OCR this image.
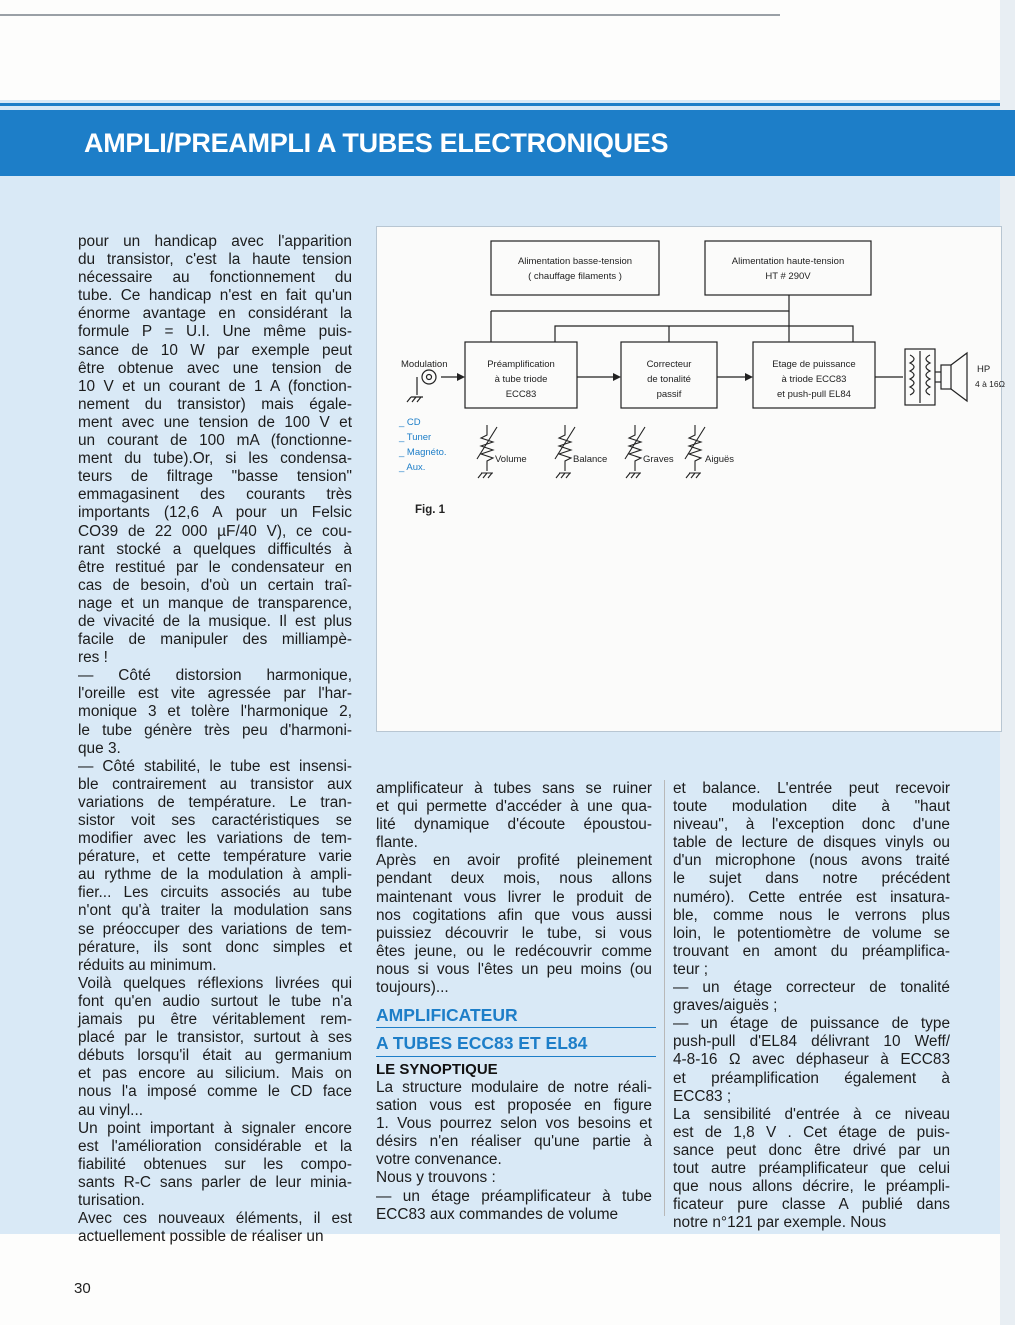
AMPLI/PREAMPLI A TUBES ELECTRONIQUES
pour un handicap avec l'apparition
du transistor, c'est la haute tension
nécessaire au fonctionnement du
tube. Ce handicap n'est en fait qu'un
énorme avantage en considérant la
formule P = U.I. Une même puis-
sance de 10 W par exemple peut
être obtenue avec une tension de
10 V et un courant de 1 A (fonction-
nement du transistor) mais égale-
ment avec une tension de 100 V et
un courant de 100 mA (fonctionne-
ment du tube).Or, si les condensa-
teurs de filtrage "basse tension"
emmagasinent des courants très
importants (12,6 A pour un Felsic
CO39 de 22 000 µF/40 V), ce cou-
rant stocké a quelques difficultés à
être restitué par le condensateur en
cas de besoin, d'où un certain traî-
nage et un manque de transparence,
de vivacité de la musique. Il est plus
facile de manipuler des milliampè-
res !
— Côté distorsion harmonique,
l'oreille est vite agressée par l'har-
monique 3 et tolère l'harmonique 2,
le tube génère très peu d'harmoni-
que 3.
— Côté stabilité, le tube est insensi-
ble contrairement au transistor aux
variations de température. Le tran-
sistor voit ses caractéristiques se
modifier avec les variations de tem-
pérature, et cette température varie
au rythme de la modulation à ampli-
fier... Les circuits associés au tube
n'ont qu'à traiter la modulation sans
se préoccuper des variations de tem-
pérature, ils sont donc simples et
réduits au minimum.
Voilà quelques réflexions livrées qui
font qu'en audio surtout le tube n'a
jamais pu être véritablement rem-
placé par le transistor, surtout à ses
débuts lorsqu'il était au germanium
et pas encore au silicium. Mais on
nous l'a imposé comme le CD face
au vinyl...
Un point important à signaler encore
est l'amélioration considérable et la
fiabilité obtenues sur les compo-
sants R-C sans parler de leur minia-
turisation.
Avec ces nouveaux éléments, il est
actuellement possible de réaliser un
amplificateur à tubes sans se ruiner
et qui permette d'accéder à une qua-
lité dynamique d'écoute époustou-
flante.
Après en avoir profité pleinement
pendant deux mois, nous allons
maintenant vous livrer le produit de
nos cogitations afin que vous aussi
puissiez découvrir le tube, si vous
êtes jeune, ou le redécouvrir comme
nous si vous l'êtes un peu moins (ou
toujours)...
La structure modulaire de notre réali-
sation vous est proposée en figure
1. Vous pourrez selon vos besoins et
désirs n'en réaliser qu'une partie à
votre convenance.
Nous y trouvons :
— un étage préamplificateur à tube
ECC83 aux commandes de volume
et balance. L'entrée peut recevoir
toute modulation dite à "haut
niveau", à l'exception donc d'une
table de lecture de disques vinyls ou
d'un microphone (nous avons traité
le sujet dans notre précédent
numéro). Cette entrée est insatura-
ble, comme nous le verrons plus
loin, le potentiomètre de volume se
trouvant en amont du préamplifica-
teur ;
— un étage correcteur de tonalité
graves/aiguës ;
— un étage de puissance de type
push-pull d'EL84 délivrant 10 Weff/
4-8-16 Ω avec déphaseur à ECC83
et préamplification également à
ECC83 ;
La sensibilité d'entrée à ce niveau
est de 1,8 V . Cet étage de puis-
sance peut donc être drivé par un
tout autre préamplificateur que celui
que nous allons décrire, le préampli-
ficateur pure classe A publié dans
notre n°121 par exemple. Nous
AMPLIFICATEUR
A TUBES ECC83 ET EL84
LE SYNOPTIQUE
Alimentation basse-tension
( chauffage filaments )
Alimentation haute-tension
HT # 290V
Préamplification
à tube triode
ECC83
Correcteur
de tonalité
passif
Etage de puissance
à triode ECC83
et push-pull EL84
Modulation
_ CD
_ Tuner
_ Magnéto.
_ Aux.
Volume	Balance	Graves	Aiguës
HP
4 à 16Ω
Fig. 1
30
